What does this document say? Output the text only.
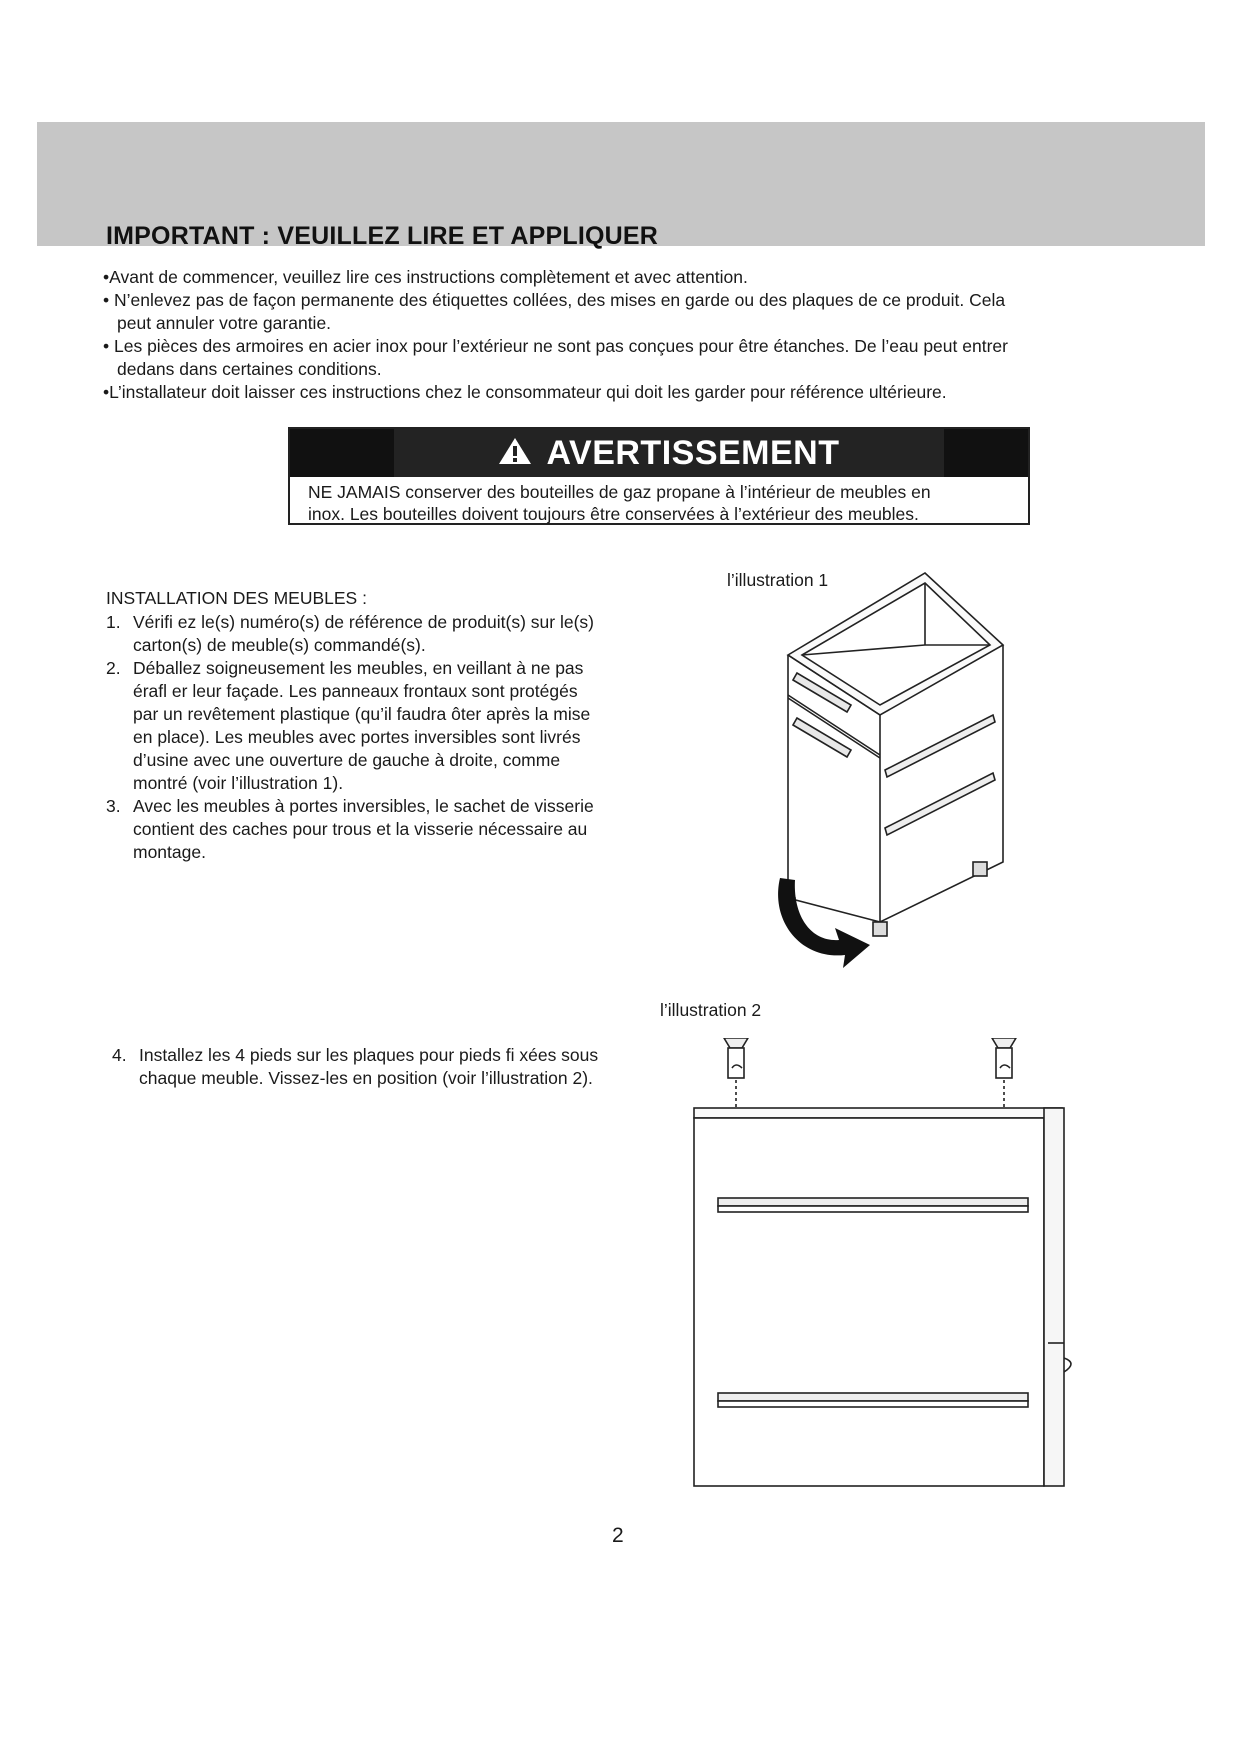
IMPORTANT : VEUILLEZ LIRE ET APPLIQUER

•Avant de commencer, veuillez lire ces instructions complètement et avec attention.

• N’enlevez pas de façon permanente des étiquettes collées, des mises en garde ou des plaques de ce produit. Cela

peut annuler votre garantie.

• Les pièces des armoires en acier inox pour l’extérieur ne sont pas conçues pour être étanches. De l’eau peut entrer

dedans dans certaines conditions.

•L’installateur doit laisser ces instructions chez le consommateur qui doit les garder pour référence ultérieure.

AVERTISSEMENT
NE JAMAIS conserver des bouteilles de gaz propane à l’intérieur de meubles en
inox. Les bouteilles doivent toujours être conservées à l’extérieur des meubles.
INSTALLATION DES MEUBLES :
1. Vérifi ez le(s) numéro(s) de référence de produit(s) sur le(s)
carton(s) de meuble(s) commandé(s).
2. Déballez soigneusement les meubles, en veillant à ne pas
érafl er leur façade. Les panneaux frontaux sont protégés
par un revêtement plastique (qu’il faudra ôter après la mise
en place). Les meubles avec portes inversibles sont livrés
d’usine avec une ouverture de gauche à droite, comme
montré (voir l’illustration 1).
3. Avec les meubles à portes inversibles, le sachet de visserie
contient des caches pour trous et la visserie nécessaire au
montage.
4. Installez les 4 pieds sur les plaques pour pieds fi xées sous
chaque meuble. Vissez-les en position (voir l’illustration 2).
l’illustration 1
l’illustration 2
2
